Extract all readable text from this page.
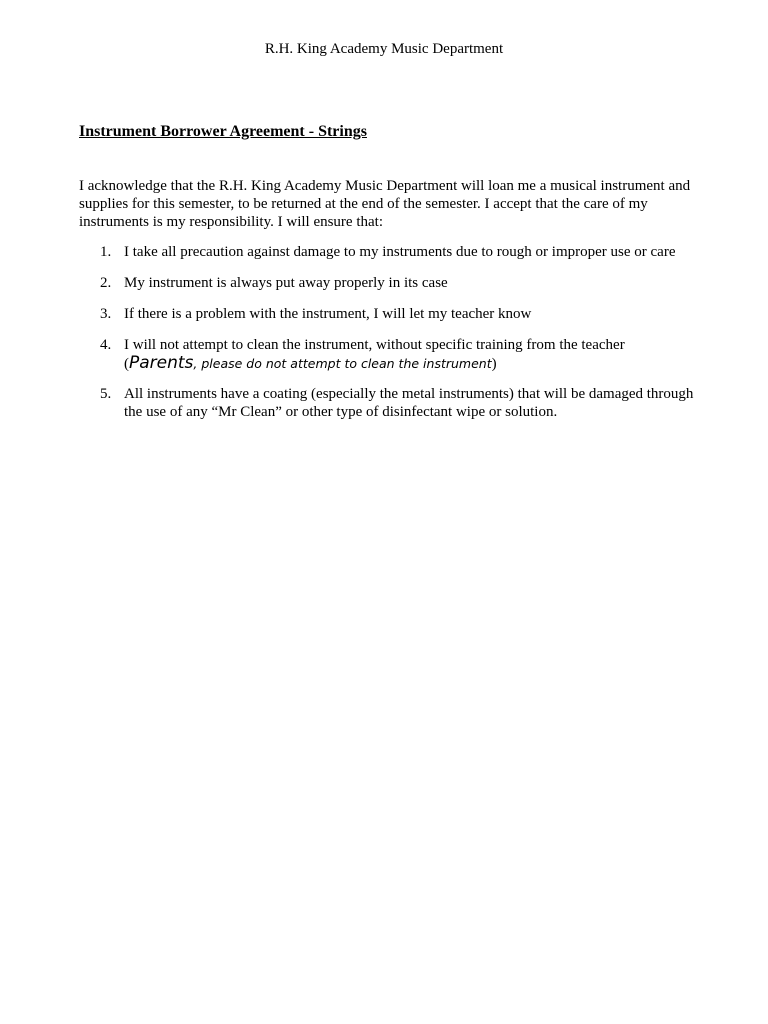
R.H. King Academy Music Department
Instrument Borrower Agreement - Strings

I acknowledge that the R.H. King Academy Music Department will loan me a musical instrument and supplies for this semester, to be returned at the end of the semester. I accept that the care of my instruments is my responsibility. I will ensure that:

1. I take all precaution against damage to my instruments due to rough or improper use or care
2. My instrument is always put away properly in its case
3. If there is a problem with the instrument, I will let my teacher know
4. I will not attempt to clean the instrument, without specific training from the teacher
(Parents, please do not attempt to clean the instrument)
5. All instruments have a coating (especially the metal instruments) that will be damaged through the use of any “Mr Clean” or other type of disinfectant wipe or solution.
